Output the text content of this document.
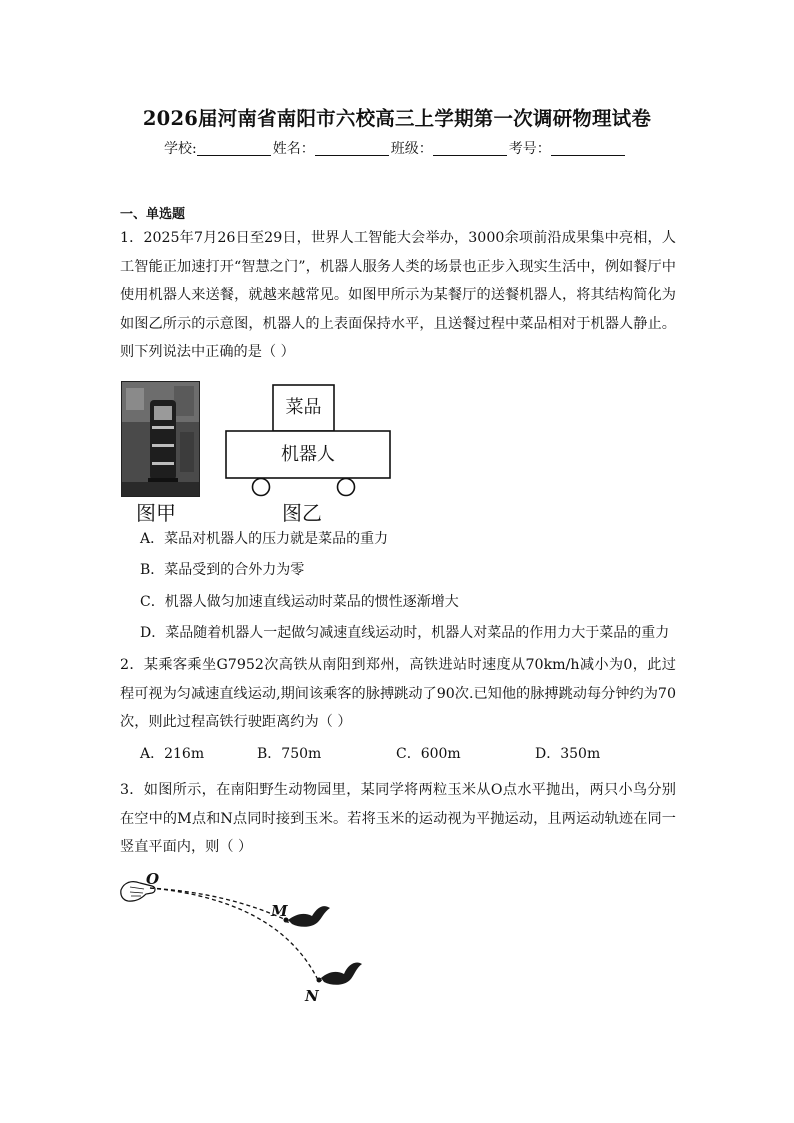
2026届河南省南阳市六校高三上学期第一次调研物理试卷
学校:	姓名：	班级：	考号：
一、单选题
1．2025年7月26日至29日，世界人工智能大会举办，3000余项前沿成果集中亮相，人工智能正加速打开“智慧之门”，机器人服务人类的场景也正步入现实生活中，例如餐厅中使用机器人来送餐，就越来越常见。如图甲所示为某餐厅的送餐机器人，将其结构简化为如图乙所示的示意图，机器人的上表面保持水平，且送餐过程中菜品相对于机器人静止。则下列说法中正确的是（ ）
图甲
菜品
机器人
图乙
A．菜品对机器人的压力就是菜品的重力
B．菜品受到的合外力为零
C．机器人做匀加速直线运动时菜品的惯性逐渐增大
D．菜品随着机器人一起做匀减速直线运动时，机器人对菜品的作用力大于菜品的重力
2．某乘客乘坐G7952次高铁从南阳到郑州，高铁进站时速度从70km/h减小为0，此过程可视为匀减速直线运动,期间该乘客的脉搏跳动了90次.已知他的脉搏跳动每分钟约为70次，则此过程高铁行驶距离约为（ ）
A．216m	B．750m	C．600m	D．350m
3．如图所示，在南阳野生动物园里，某同学将两粒玉米从O点水平抛出，两只小鸟分别在空中的M点和N点同时接到玉米。若将玉米的运动视为平抛运动，且两运动轨迹在同一竖直平面内，则（ ）
O
M
N
